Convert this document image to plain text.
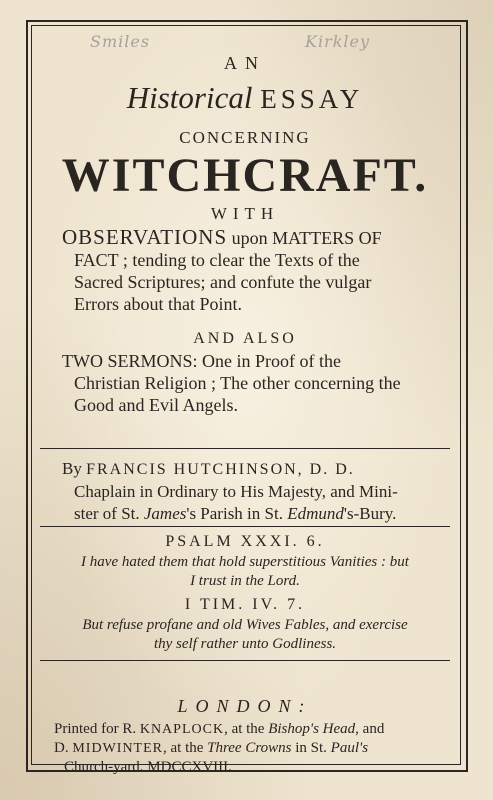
Smiles	Kirkley
AN
Historical ESSAY
CONCERNING
WITCHCRAFT.
WITH
OBSERVATIONS upon MATTERS OF
FACT ; tending to clear the Texts of the
Sacred Scriptures; and confute the vulgar
Errors about that Point.
AND ALSO
TWO SERMONS: One in Proof of the
Christian Religion ; The other concerning the
Good and Evil Angels.
By FRANCIS HUTCHINSON, D. D.
Chaplain in Ordinary to His Majesty, and Mini-
ster of St. James's Parish in St. Edmund's-Bury.
PSALM XXXI. 6.
I have hated them that hold superstitious Vanities : but
I trust in the Lord.
I TIM. IV. 7.
But refuse profane and old Wives Fables, and exercise
thy self rather unto Godliness.
LONDON:
Printed for R. KNAPLOCK, at the Bishop's Head, and
D. MIDWINTER, at the Three Crowns in St. Paul's
Church-yard. MDCCXVIII.
